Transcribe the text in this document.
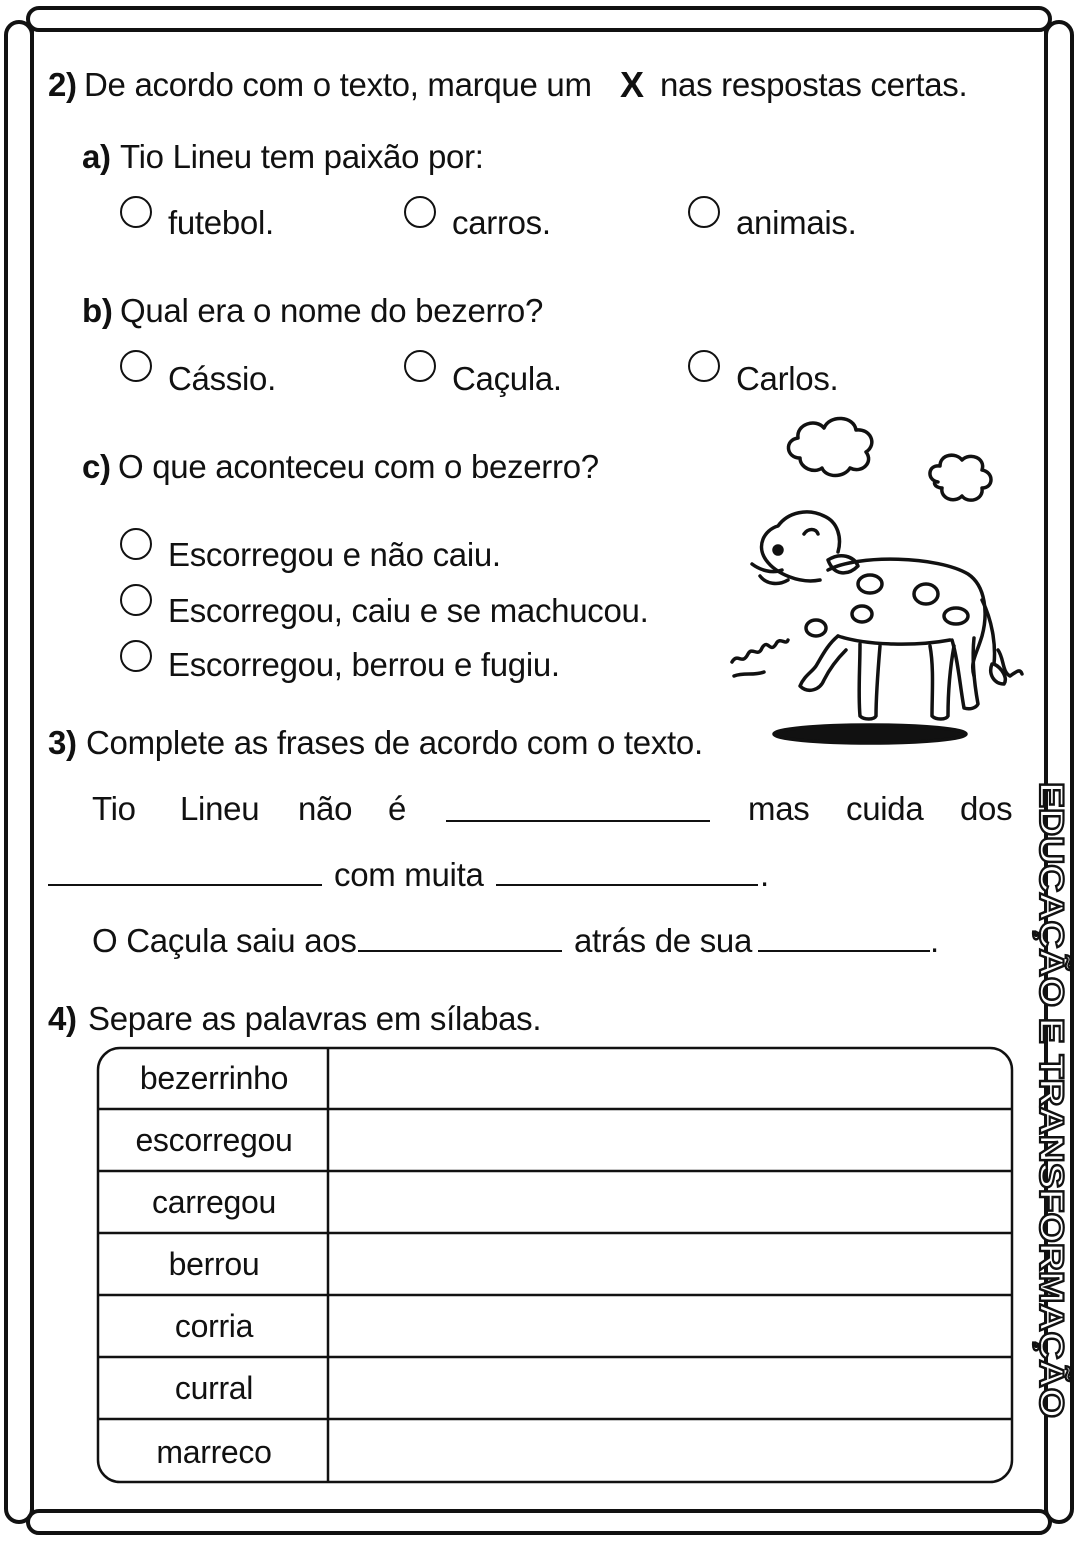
2) De acordo com o texto, marque um X nas respostas certas.
a) Tio Lineu tem paixão por:
futebol.	carros.	animais.
b) Qual era o nome do bezerro?
Cássio.	Caçula.	Carlos.
c) O que aconteceu com o bezerro?
Escorregou e não caiu.
Escorregou, caiu e se machucou.
Escorregou, berrou e fugiu.
3) Complete as frases de acordo com o texto.
Tio Lineu não é	mas cuida dos
com muita	.
O Caçula saiu aos	atrás de sua	.
4) Separe as palavras em sílabas.
bezerrinho
escorregou
carregou
berrou
corria
curral
marreco
EDUCAÇÃO E TRANSFORMAÇÃO
